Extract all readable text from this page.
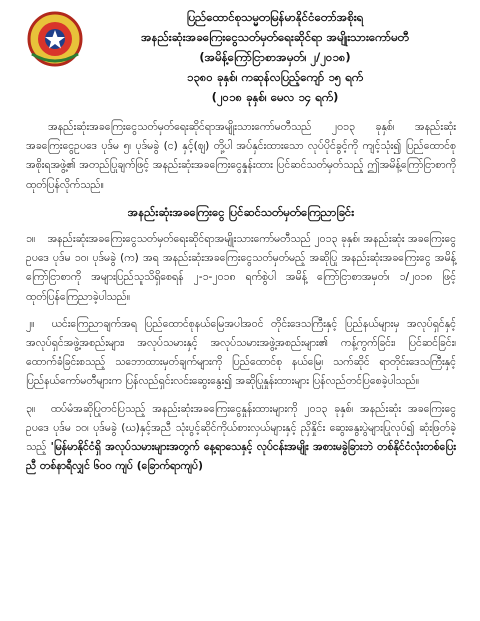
ပြည်ထောင်စုသမ္မတမြန်မာနိုင်ငံတော်အစိုးရ
အနည်းဆုံးအခကြေးငွေသတ်မှတ်ရေးဆိုင်ရာ အမျိုးသားကော်မတီ
(အမိန့်ကြော်ငြာစာအမှတ်၊ ၂/၂၀၁၈)
၁၃၈၀ ခုနှစ်၊ ကဆုန်လပြည့်ကျော် ၁၅ ရက်
(၂၀၁၈ ခုနှစ်၊ မေလ ၁၄ ရက်)

အနည်းဆုံးအခကြေးငွေသတ်မှတ်ရေးဆိုင်ရာအမျိုးသားကော်မတီသည် ၂၀၁၃ ခုနှစ်၊ အနည်းဆုံး အခကြေးငွေဥပဒေ ပုဒ်မ ၅၊ ပုဒ်မခွဲ (င) နှင့်(ဈ) တို့ပါ အပ်နှင်းထားသော လုပ်ပိုင်ခွင့်ကို ကျင့်သုံး၍ ပြည်ထောင်စုအစိုးရအဖွဲ့၏ အတည်ပြုချက်ဖြင့် အနည်းဆုံးအခကြေးငွေနှုန်းထား ပြင်ဆင်သတ်မှတ်သည့် ဤအမိန့်ကြော်ငြာစာကို ထုတ်ပြန်လိုက်သည်။

အနည်းဆုံးအခကြေးငွေ ပြင်ဆင်သတ်မှတ်ကြေညာခြင်း

၁။ အနည်းဆုံးအခကြေးငွေသတ်မှတ်ရေးဆိုင်ရာအမျိုးသားကော်မတီသည် ၂၀၁၃ ခုနှစ်၊ အနည်းဆုံး အခကြေးငွေဥပဒေ ပုဒ်မ ၁၀၊ ပုဒ်မခွဲ (က) အရ အနည်းဆုံးအခကြေးငွေသတ်မှတ်မည့် အဆိုပြု အနည်းဆုံးအခကြေးငွေ အမိန့်ကြော်ငြာစာကို အများပြည်သူသိရှိစေရန် ၂-၁-၂၀၁၈ ရက်စွဲပါ အမိန့် ကြော်ငြာစာအမှတ်၊ ၁/၂၀၁၈ ဖြင့် ထုတ်ပြန်ကြေညာခဲ့ပါသည်။

၂။ ယင်းကြေညာချက်အရ ပြည်ထောင်စုနယ်မြေအပါအဝင် တိုင်းဒေသကြီးနှင့် ပြည်နယ်များမှ အလုပ်ရှင်နှင့် အလုပ်ရှင်အဖွဲ့အစည်းများ၊ အလုပ်သမားနှင့် အလုပ်သမားအဖွဲ့အစည်းများ၏ ကန့်ကွက်ခြင်း၊ ပြင်ဆင်ခြင်း၊ ထောက်ခံခြင်းစသည့် သဘောထားမှတ်ချက်များကို ပြည်ထောင်စု နယ်မြေ၊ သက်ဆိုင် ရာတိုင်းဒေသကြီးနှင့် ပြည်နယ်ကော်မတီများက ပြန်လည်ရှင်းလင်းဆွေးနွေး၍ အဆိုပြုနှုန်းထားများ ပြန်လည်တင်ပြစေခဲ့ပါသည်။

၃။ ထပ်မံအဆိုပြုတင်ပြသည့် အနည်းဆုံးအခကြေးငွေနှုန်းထားများကို ၂၀၁၃ ခုနှစ်၊ အနည်းဆုံး အခကြေးငွေဥပဒေ ပုဒ်မ ၁၀၊ ပုဒ်မခွဲ (ဃ)နှင့်အညီ သုံးပွင့်ဆိုင်ကိုယ်စားလှယ်များနှင့် ညှိနှိုင်း ဆွေးနွေးပွဲများပြုလုပ်၍ ဆုံးဖြတ်ခဲ့သည့် 'မြန်မာနိုင်ငံရှိ အလုပ်သမားများအတွက် နေ့ရာသေနှင့် လုပ်ငန်းအမျိုး အစားမခွဲခြားဘဲ တစ်နိုင်ငံလုံးတစ်ပြေးညီ တစ်နာရီလျှင် ၆၀၀ ကျပ် (ခြောက်ရာကျပ်)
